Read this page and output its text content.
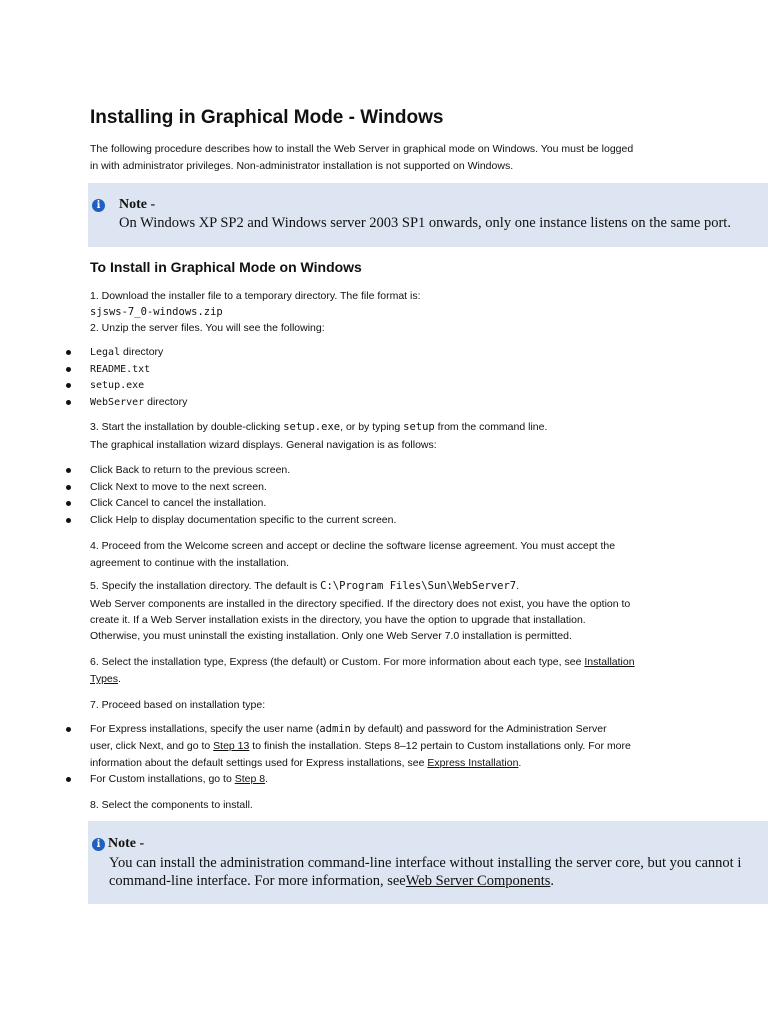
Installing in Graphical Mode - Windows

The following procedure describes how to install the Web Server in graphical mode on Windows. You must be logged

in with administrator privileges. Non-administrator installation is not supported on Windows.

i	Note -
On Windows XP SP2 and Windows server 2003 SP1 onwards, only one instance listens on the same port.
To Install in Graphical Mode on Windows

1. Download the installer file to a temporary directory. The file format is:

sjsws-7_0-windows.zip

2. Unzip the server files. You will see the following:

Legal directory
README.txt
setup.exe
WebServer directory

3. Start the installation by double-clicking setup.exe, or by typing setup from the command line.

The graphical installation wizard displays. General navigation is as follows:

Click Back to return to the previous screen.
Click Next to move to the next screen.
Click Cancel to cancel the installation.
Click Help to display documentation specific to the current screen.

4. Proceed from the Welcome screen and accept or decline the software license agreement. You must accept the

agreement to continue with the installation.

5. Specify the installation directory. The default is C:\Program Files\Sun\WebServer7.

Web Server components are installed in the directory specified. If the directory does not exist, you have the option to

create it. If a Web Server installation exists in the directory, you have the option to upgrade that installation.

Otherwise, you must uninstall the existing installation. Only one Web Server 7.0 installation is permitted.

6. Select the installation type, Express (the default) or Custom. For more information about each type, see Installation

Types.

7. Proceed based on installation type:

For Express installations, specify the user name (admin by default) and password for the Administration Server

user, click Next, and go to Step 13 to finish the installation. Steps 8–12 pertain to Custom installations only. For more

information about the default settings used for Express installations, see Express Installation.

For Custom installations, go to Step 8.

8. Select the components to install.

i Note -
You can install the administration command-line interface without installing the server core, but you cannot i
command-line interface. For more information, seeWeb Server Components.
